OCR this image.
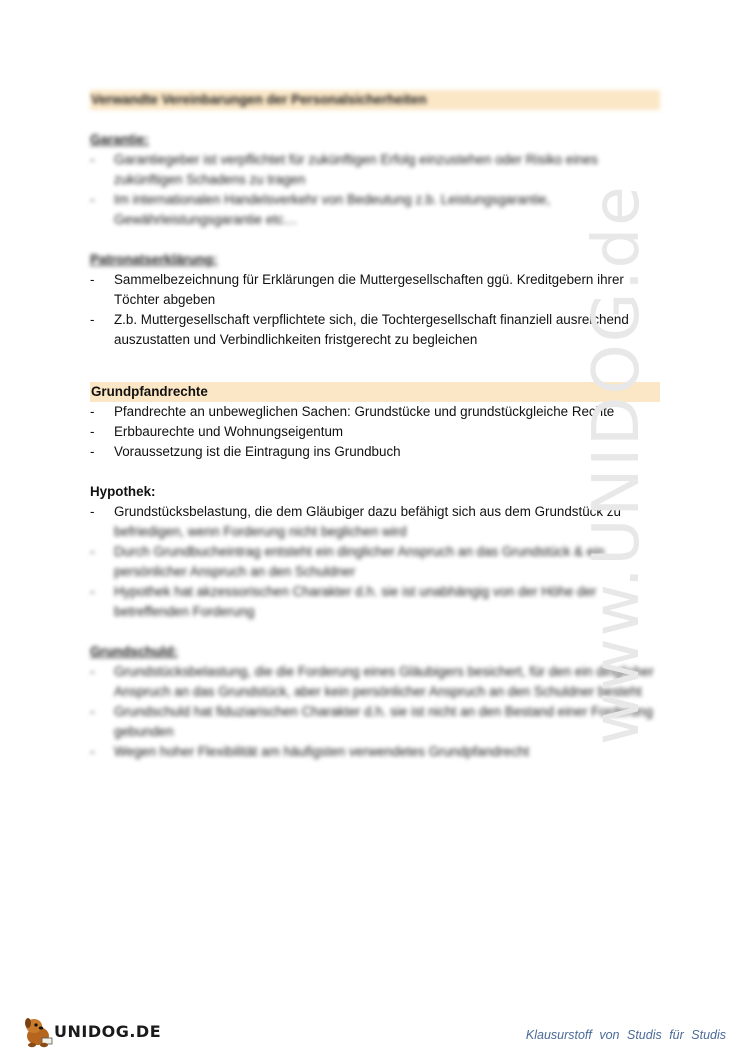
Verwandte Vereinbarungen der Personalsicherheiten
Garantie:
- Garantiegeber ist verpflichtet für zukünftigen Erfolg einzustehen oder Risiko eines zukünftigen Schadens zu tragen
- Im internationalen Handelsverkehr von Bedeutung z.b. Leistungsgarantie, Gewährleistungsgarantie etc…
Patronatserklärung:
- Sammelbezeichnung für Erklärungen die Muttergesellschaften ggü. Kreditgebern ihrer Töchter abgeben
- Z.b. Muttergesellschaft verpflichtete sich, die Tochtergesellschaft finanziell ausreichend auszustatten und Verbindlichkeiten fristgerecht zu begleichen
Grundpfandrechte
- Pfandrechte an unbeweglichen Sachen: Grundstücke und grundstückgleiche Rechte
- Erbbaurechte und Wohnungseigentum
- Voraussetzung ist die Eintragung ins Grundbuch
Hypothek:
- Grundstücksbelastung, die dem Gläubiger dazu befähigt sich aus dem Grundstück zu
befriedigen, wenn Forderung nicht beglichen wird
- Durch Grundbucheintrag entsteht ein dinglicher Anspruch an das Grundstück & ein persönlicher Anspruch an den Schuldner
- Hypothek hat akzessorischen Charakter d.h. sie ist unabhängig von der Höhe der betreffenden Forderung
Grundschuld:
- Grundstücksbelastung, die die Forderung eines Gläubigers besichert, für den ein dinglicher Anspruch an das Grundstück, aber kein persönlicher Anspruch an den Schuldner besteht
- Grundschuld hat fiduziarischen Charakter d.h. sie ist nicht an den Bestand einer Forderung gebunden
- Wegen hoher Flexibilität am häufigsten verwendetes Grundpfandrecht
www.UNIDOG.de
UNIDOG.DE	Klausurstoff von Studis für Studis
